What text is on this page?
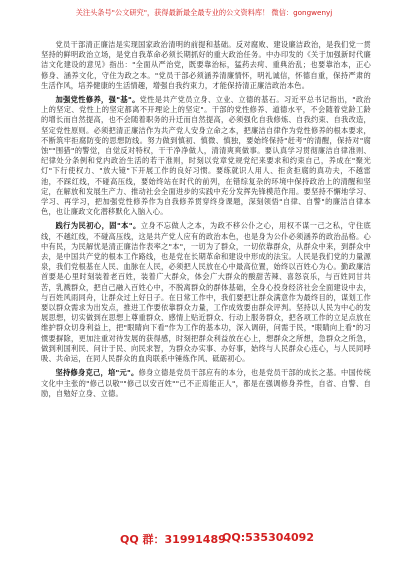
关注头条号"公文研究"，获得最新最全最专业的公文资料库！ 微信：gongwenyj

党员干部清正廉洁是实现国家政治清明的前提和基础。反对腐败、建设廉洁政治，是我们党一贯坚持的鲜明政治立场，是党自我革命必须长期抓好的重大政治任务。中办印发的《关于加强新时代廉洁文化建设的意见》指出："全面从严治党，既要靠治标，猛药去疴、重典治乱；也要靠治本，正心修身、涵养文化，守住为政之本。"党员干部必须涵养清廉情怀，明礼诚信，怀德自重，保持严肃的生活作风，培养健康的生活情趣，增强自我约束力，才能保持清正廉洁政治本色。

加强党性修养，强"基"。党性是共产党员立身、立业、立德的基石。习近平总书记指出，"政治上的坚定、党性上的坚定都离不开理论上的坚定"。干部的党性修养、道德水平，不会随着党龄工龄的增长而自然提高，也不会随着职务的升迁而自然提高，必须强化自我修炼、自我约束、自我改造，坚定党性原则。必须把清正廉洁作为共产党人安身立命之本，把廉洁自律作为党性修养的根本要求，不断筑牢拒腐防变的思想防线。努力做到慎初、慎微、慎独，要始终保持"赶考"的清醒，保持对"腐蚀""围猎"的警觉，自觉反对特权，干干净净做人，清清爽爽做事。要认真学习贯彻廉洁自律准则、纪律处分条例和党内政治生活的若干准则，时刻以党章党规党纪来要求和约束自己，养成在"聚光灯"下行使权力、"放大镜"下开展工作的良好习惯。要练就识人用人、拒贪拒腐的真功夫，不越雷池，不踩红线，不碰高压线，要始终站在时代的前列，在错综复杂的环境中保持政治上的清醒和坚定，在解放和发展生产力、推动社会全面进步的实践中充分发挥先锋模范作用。要坚持不懈地学习、学习、再学习，把加强党性修养作为自我修养贯穿终身课题，深刻领悟"自律、自警"的廉洁自律本色，也让廉政文化潜移默化入脑入心。

践行为民初心，固"本"。立身不忘做人之本，为政不移公仆之心，用权不谋一己之私，守住底线，不越红线，不碰高压线，这是共产党人应有的政治本色，也是身为公仆必须涵养的政治品格。心中有民，为民解忧是清正廉洁作表率之"本"，一切为了群众，一切依靠群众，从群众中来，到群众中去，是中国共产党的根本工作路线，也是党在长期革命和建设中形成的法宝。人民是我们党的力量源泉，我们党根基在人民、血脉在人民，必须把人民放在心中最高位置，始终以百姓心为心。勤政廉洁首要是心里时刻装着老百姓，装着广大群众，体会广大群众的酸甜苦辣、喜怒哀乐，与百姓同甘共苦，乳溅群众，把自己融入百姓心中，不脱离群众的群体基础，全身心投身经济社会全面建设中去，与百姓风雨同舟，让群众过上好日子。在日常工作中，我们要把让群众满意作为最终目的，谋划工作要以群众需求为出发点，推进工作要依靠群众力量，工作成效要由群众评判。坚持以人民为中心的发展思想，切实做到在思想上尊重群众、感情上贴近群众、行动上服务群众，把各项工作的立足点放在维护群众切身利益上，把"眼睛向下看"作为工作的基本功，深入调研，问需于民，"眼睛向上看"的习惯要摒除，更加注重对待发展的获得感，时刻把群众利益放在心上，想群众之所想，急群众之所急，做到利国利民、问计于民、向民求智，为群众办实事、办好事，始终与人民群众心连心，与人民同呼吸、共命运，在同人民群众的血肉联系中锤炼作风、砥砺初心。

坚持修身克己，培"元"。修身立德是党员干部应有的本分，也是党员干部的成长之基。中国传统文化中主张的"修己以敬""修己以安百姓""己不正焉能正人"，都是在强调修身养性，自省、自警、自励，自勉好立身、立德。

QQ 群：31991489
QQ:535304092
